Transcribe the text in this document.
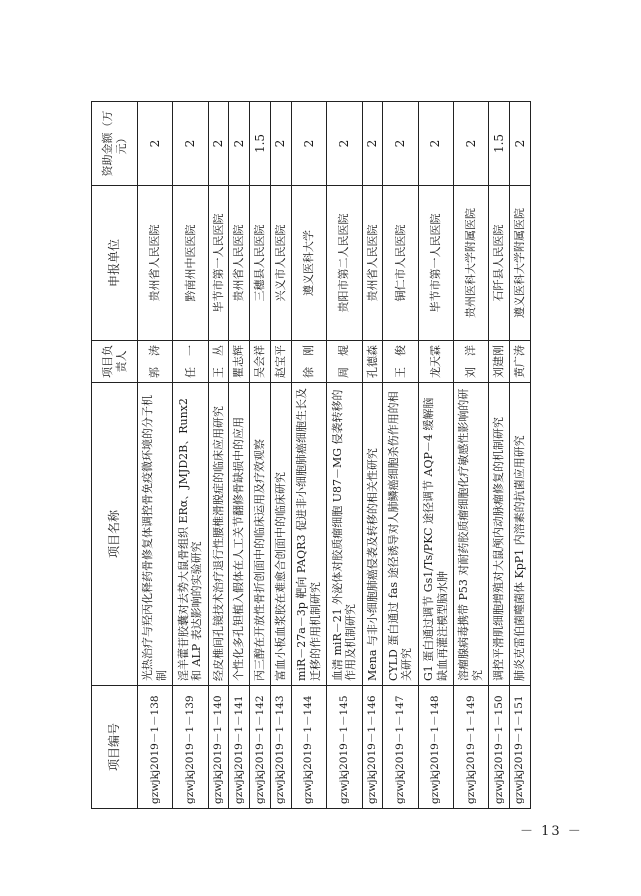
项目编号	项目名称	项目负责人	申报单位	资助金额（万元）
gzwjkj2019－1－138	光热治疗与羟丙化释药骨修复体调控骨免疫微环境的分子机制	郭　涛	贵州省人民医院	2
gzwjkj2019－1－139	淫羊藿苷胶囊对去势大鼠骨组织 ERα、JMJD2B、Runx2 和 ALP 表达影响的实验研究	任　一	黔南州中医医院	2
gzwjkj2019－1－140	经皮椎间孔镜技术治疗退行性腰椎滑脱症的临床应用研究	王　丛	毕节市第一人民医院	2
gzwjkj2019－1－141	个性化多孔钽植入假体在人工关节翻修骨缺损中的应用	瞿志辉	贵州省人民医院	2
gzwjkj2019－1－142	丙三醇在开放性骨折创面中的临床运用及疗效观察	吴会祥	三穗县人民医院	1.5
gzwjkj2019－1－143	富血小板血浆胶在难愈合创面中的临床研究	赵宝平	兴义市人民医院	2
gzwjkj2019－1－144	miR－27a－3p 靶向 PAQR3 促进非小细胞肺癌细胞生长及迁移的作用机制研究	徐　刚	遵义医科大学	2
gzwjkj2019－1－145	血清 miR－21 外泌体对胶质瘤细胞 U87－MG 侵袭转移的作用及机制研究	周　焜	贵阳市第二人民医院	2
gzwjkj2019－1－146	Mena 与非小细胞肺癌侵袭及转移的相关性研究	孔德森	贵州省人民医院	2
gzwjkj2019－1－147	CYLD 蛋白通过 fas 途径诱导对人肺鳞癌细胞杀伤作用的相关研究	王　俊	铜仁市人民医院	2
gzwjkj2019－1－148	G1 蛋白通过调节 Gs1/Ts/PKC 途径调节 AQP－4 缓解脑缺血再灌注模型脑水肿	龙天霖	毕节市第一人民医院	2
gzwjkj2019－1－149	溶瘤腺病毒携带 P53 对耐药胶质瘤细胞化疗敏感性影响的研究	刘　洋	贵州医科大学附属医院	2
gzwjkj2019－1－150	调控平滑肌细胞增殖对大鼠颅内动脉瘤修复的机制研究	刘建刚	石阡县人民医院	1.5
gzwjkj2019－1－151	肺炎克雷伯菌噬菌体 KpP1 内溶素的抗菌应用研究	黄广涛	遵义医科大学附属医院	2
－ 13 －
